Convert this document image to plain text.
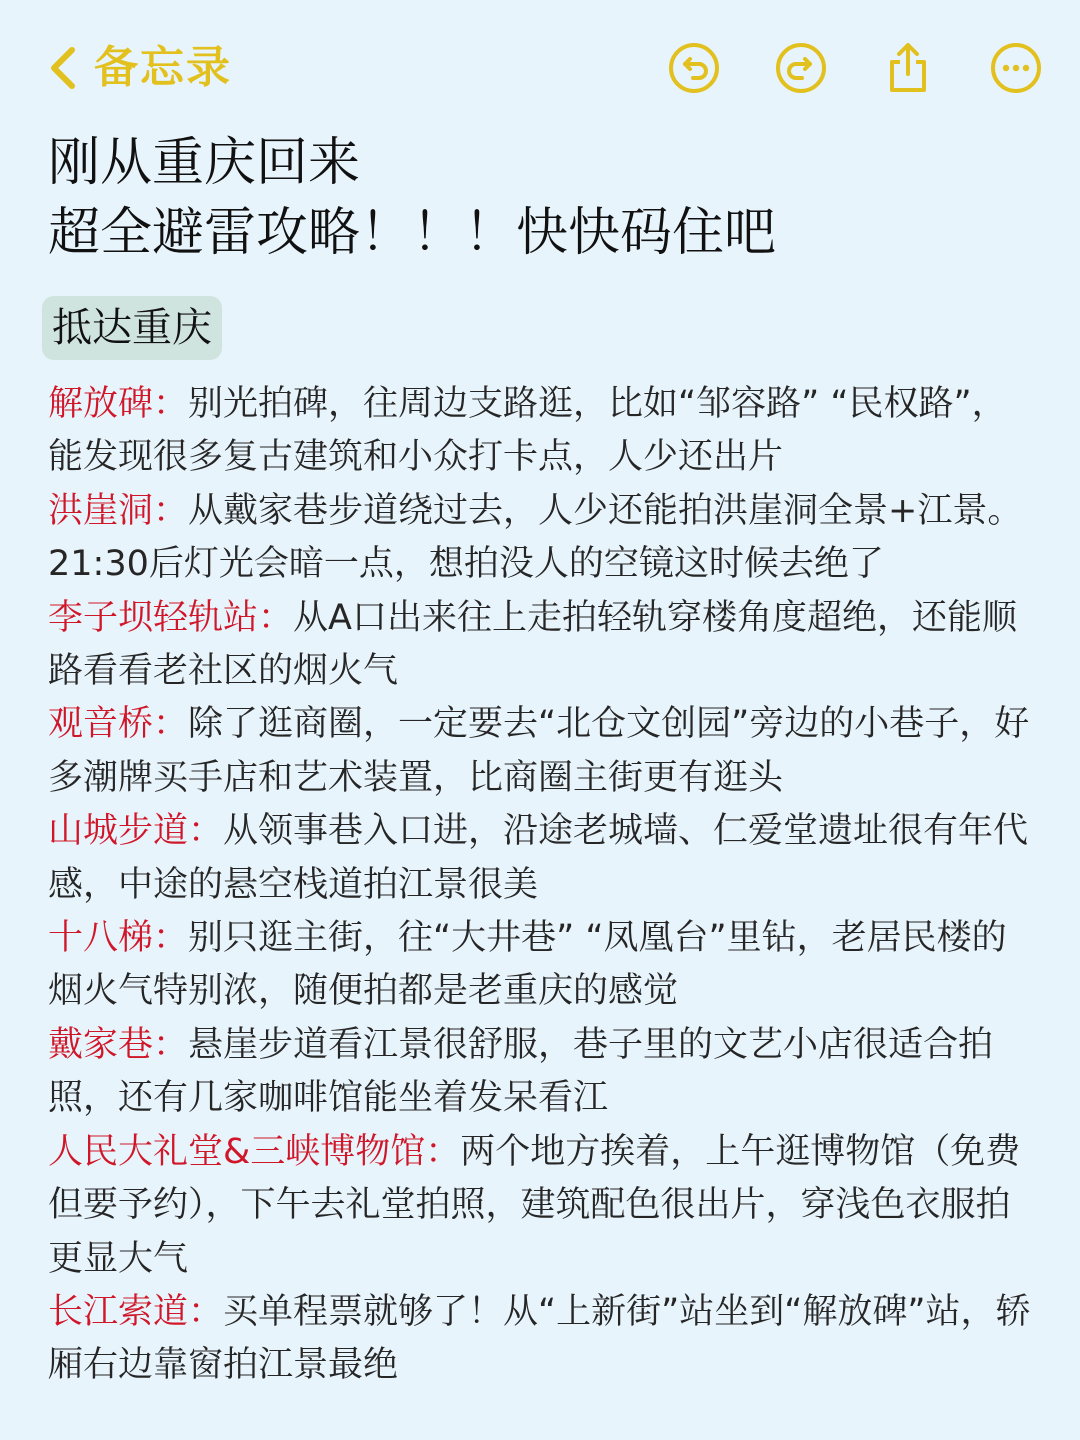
备忘录
刚从重庆回来
超全避雷攻略！！！快快码住吧
抵达重庆

解放碑：别光拍碑，往周边支路逛，比如“邹容路” “民权路”，能发现很多复古建筑和小众打卡点，人少还出片

洪崖洞：从戴家巷步道绕过去，人少还能拍洪崖洞全景+江景。21:30后灯光会暗一点，想拍没人的空镜这时候去绝了

李子坝轻轨站：从A口出来往上走拍轻轨穿楼角度超绝，还能顺路看看老社区的烟火气

观音桥：除了逛商圈，一定要去“北仓文创园”旁边的小巷子，好多潮牌买手店和艺术装置，比商圈主街更有逛头

山城步道：从领事巷入口进，沿途老城墙、仁爱堂遗址很有年代感，中途的悬空栈道拍江景很美

十八梯：别只逛主街，往“大井巷” “凤凰台”里钻，老居民楼的烟火气特别浓，随便拍都是老重庆的感觉

戴家巷：悬崖步道看江景很舒服，巷子里的文艺小店很适合拍照，还有几家咖啡馆能坐着发呆看江

人民大礼堂&三峡博物馆：两个地方挨着，上午逛博物馆（免费但要予约），下午去礼堂拍照，建筑配色很出片，穿浅色衣服拍更显大气

长江索道：买单程票就够了！从“上新街”站坐到“解放碑”站，轿厢右边靠窗拍江景最绝
